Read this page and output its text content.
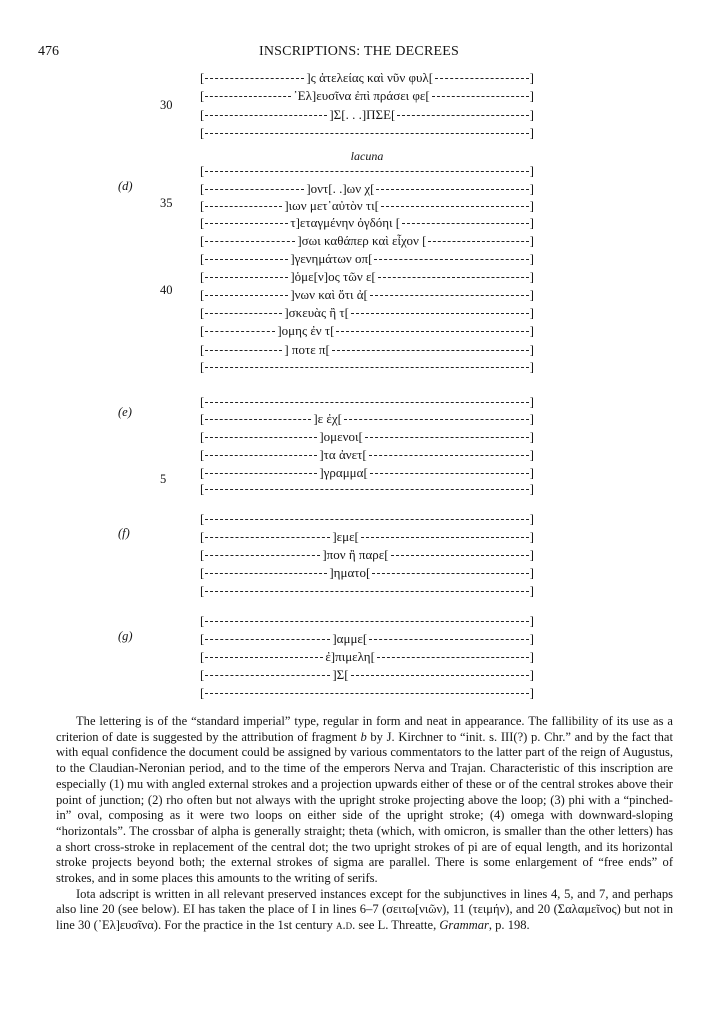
476	INSCRIPTIONS: THE DECREES
30
35
40
5
(d)
(e)
(f)
(g)
lacuna
[	]ς ἀτελείας καὶ νῦν φυλ[	]
[	᾿Ελ]ευσῖνα ἐπὶ πράσει φε[	]
[	]Σ[. . .]ΠΣΕ[	]
[	]
[	]
[	]οντ[. .]ων χ[	]
[	]ιων μετ᾿αὐτὸν τι[	]
[	τ]εταγμένην ὀγδόηι [	]
[	]σωι καθάπερ καὶ εἶχον [	]
[	]γενημάτων οπ[	]
[	]ὁμε[ν]ος τῶν ε[	]
[	]νων καὶ ὅτι ἀ[	]
[	]σκευὰς ἢ τ[	]
[	]ομης ἐν τ[	]
[	] ποτε π[	]
[	]
[	]
[	]ε ἐχ[	]
[	]ομενοι[	]
[	]τα ἀνετ[	]
[	]γραμμα[	]
[	]
[	]
[	]εμε[	]
[	]πον ἢ παρε[	]
[	]ηματο[	]
[	]
[	]
[	]αμμε[	]
[	ἐ]πιμελη[	]
[	]Σ[	]
[	]

The lettering is of the “standard imperial” type, regular in form and neat in appearance. The fallibility of its use as a criterion of date is suggested by the attribution of fragment b by J. Kirchner to “init. s. III(?) p. Chr.” and by the fact that with equal confidence the document could be assigned by various commentators to the latter part of the reign of Augustus, to the Claudian-Neronian period, and to the time of the emperors Nerva and Trajan. Characteristic of this inscription are especially (1) mu with angled external strokes and a projection upwards either of these or of the central strokes above their point of junction; (2) rho often but not always with the upright stroke projecting above the loop; (3) phi with a “pinched-in” oval, composing as it were two loops on either side of the upright stroke; (4) omega with downward-sloping “horizontals”. The crossbar of alpha is generally straight; theta (which, with omicron, is smaller than the other letters) has a short cross-stroke in replacement of the central dot; the two upright strokes of pi are of equal length, and its horizontal stroke projects beyond both; the external strokes of sigma are parallel. There is some enlargement of “free ends” of strokes, and in some places this amounts to the writing of serifs.

Iota adscript is written in all relevant preserved instances except for the subjunctives in lines 4, 5, and 7, and perhaps also line 20 (see below). EI has taken the place of I in lines 6–7 (σειτω[νιῶν), 11 (τειμήν), and 20 (Σαλαμεῖνος) but not in line 30 (᾿Ελ]ευσῖνα). For the practice in the 1st century a.d. see L. Threatte, Grammar, p. 198.
